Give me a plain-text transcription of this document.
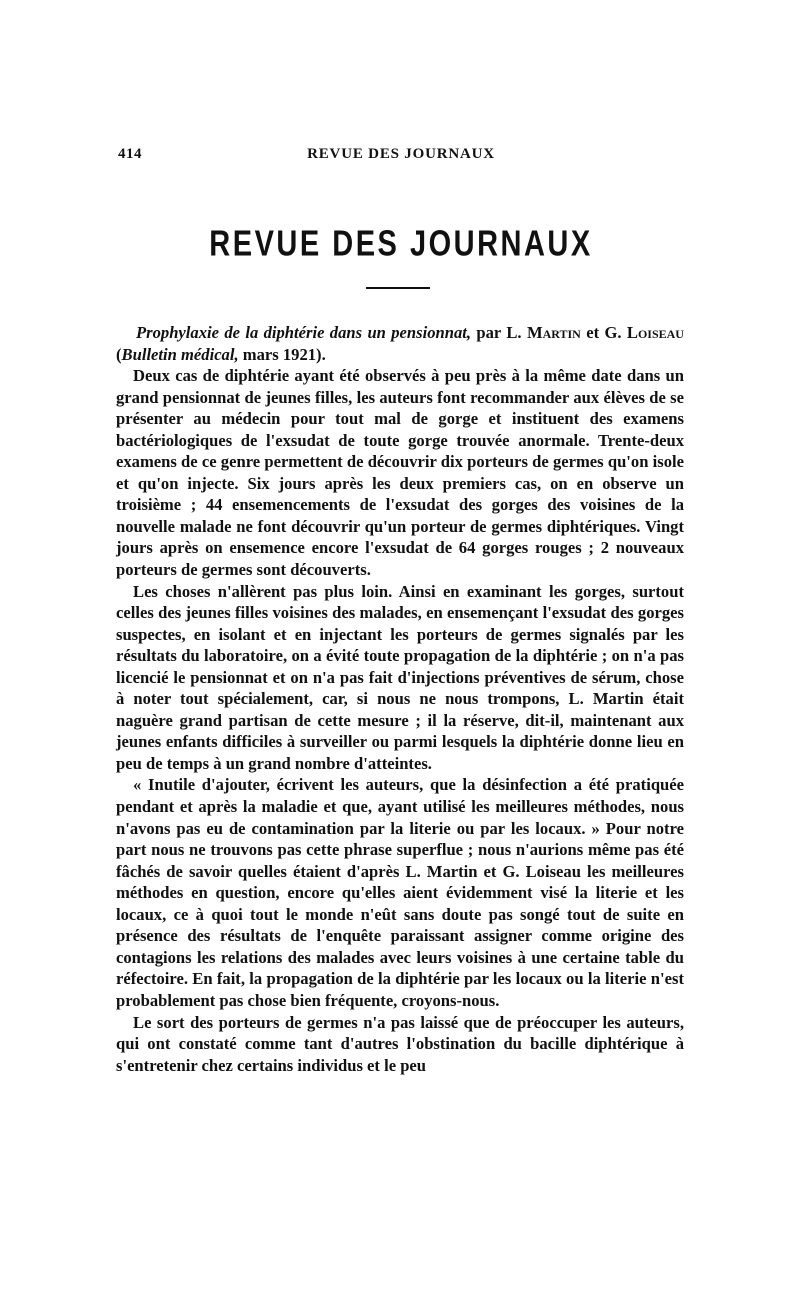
414	REVUE DES JOURNAUX
REVUE DES JOURNAUX

Prophylaxie de la diphtérie dans un pensionnat, par L. Martin et G. Loiseau (Bulletin médical, mars 1921).

Deux cas de diphtérie ayant été observés à peu près à la même date dans un grand pensionnat de jeunes filles, les auteurs font recommander aux élèves de se présenter au médecin pour tout mal de gorge et instituent des examens bactériologiques de l'exsudat de toute gorge trouvée anormale. Trente-deux examens de ce genre permettent de découvrir dix porteurs de germes qu'on isole et qu'on injecte. Six jours après les deux premiers cas, on en observe un troisième ; 44 ensemencements de l'exsudat des gorges des voisines de la nouvelle malade ne font découvrir qu'un porteur de germes diphtériques. Vingt jours après on ensemence encore l'exsudat de 64 gorges rouges ; 2 nouveaux porteurs de germes sont découverts.

Les choses n'allèrent pas plus loin. Ainsi en examinant les gorges, surtout celles des jeunes filles voisines des malades, en ensemençant l'exsudat des gorges suspectes, en isolant et en injectant les porteurs de germes signalés par les résultats du laboratoire, on a évité toute propagation de la diphtérie ; on n'a pas licencié le pensionnat et on n'a pas fait d'injections préventives de sérum, chose à noter tout spécialement, car, si nous ne nous trompons, L. Martin était naguère grand partisan de cette mesure ; il la réserve, dit-il, maintenant aux jeunes enfants difficiles à surveiller ou parmi lesquels la diphtérie donne lieu en peu de temps à un grand nombre d'atteintes.

« Inutile d'ajouter, écrivent les auteurs, que la désinfection a été pratiquée pendant et après la maladie et que, ayant utilisé les meilleures méthodes, nous n'avons pas eu de contamination par la literie ou par les locaux. » Pour notre part nous ne trouvons pas cette phrase superflue ; nous n'aurions même pas été fâchés de savoir quelles étaient d'après L. Martin et G. Loiseau les meilleures méthodes en question, encore qu'elles aient évidemment visé la literie et les locaux, ce à quoi tout le monde n'eût sans doute pas songé tout de suite en présence des résultats de l'enquête paraissant assigner comme origine des contagions les relations des malades avec leurs voisines à une certaine table du réfectoire. En fait, la propagation de la diphtérie par les locaux ou la literie n'est probablement pas chose bien fréquente, croyons-nous.

Le sort des porteurs de germes n'a pas laissé que de préoccuper les auteurs, qui ont constaté comme tant d'autres l'obstination du bacille diphtérique à s'entretenir chez certains individus et le peu
